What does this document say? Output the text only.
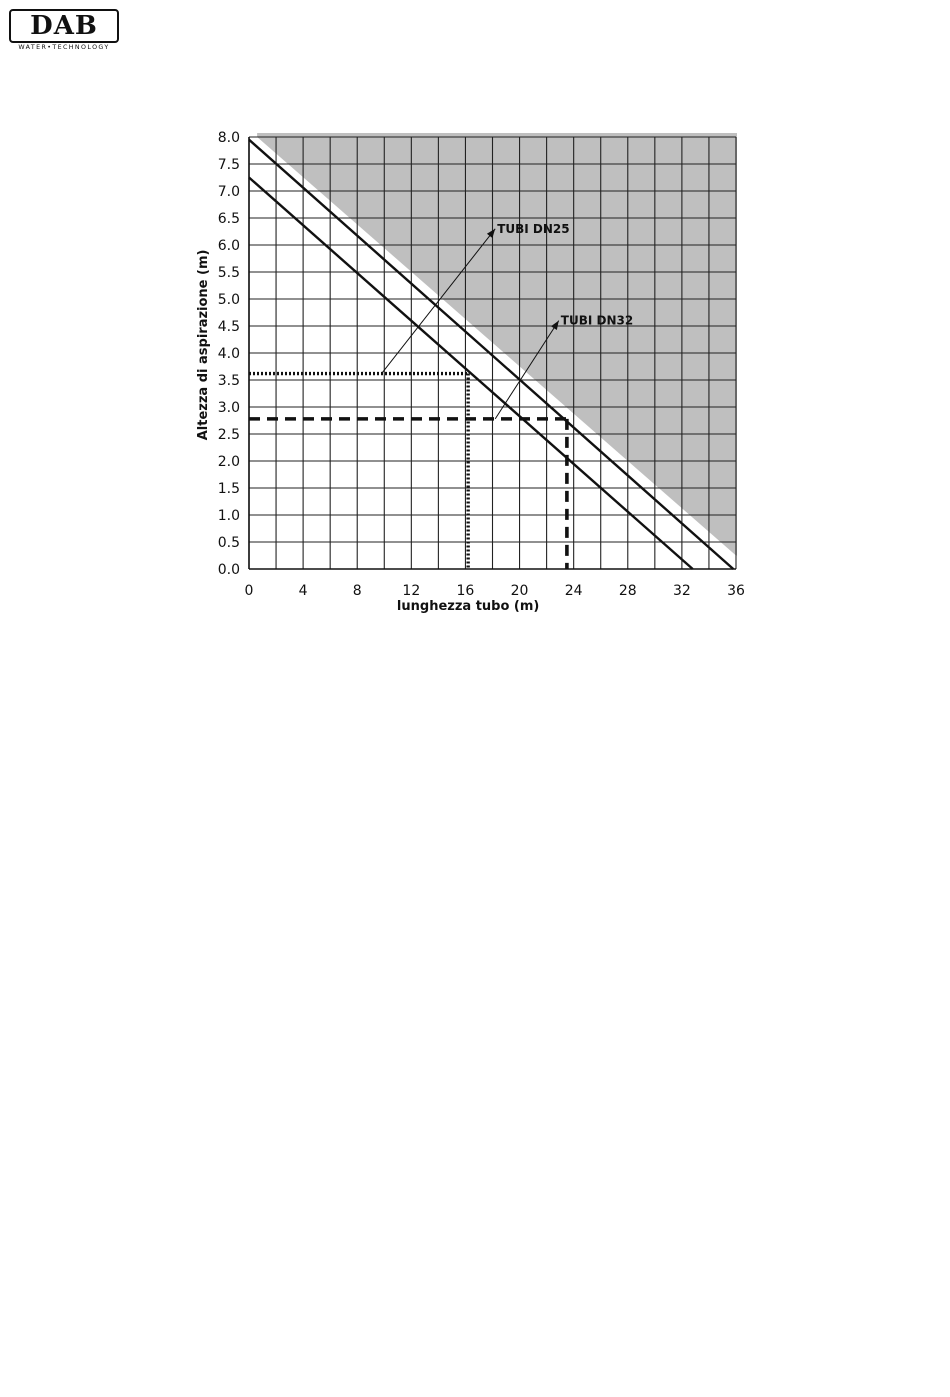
DAB
WATER•TECHNOLOGY
TUBI DN25
TUBI DN32
0	4	8	12	16	20	24	28	32	36
0.0
0.5
1.0
1.5
2.0
2.5
3.0
3.5
4.0
4.5
5.0
5.5
6.0
6.5
7.0
7.5
8.0
lunghezza tubo (m)
Altezza di aspirazione (m)
